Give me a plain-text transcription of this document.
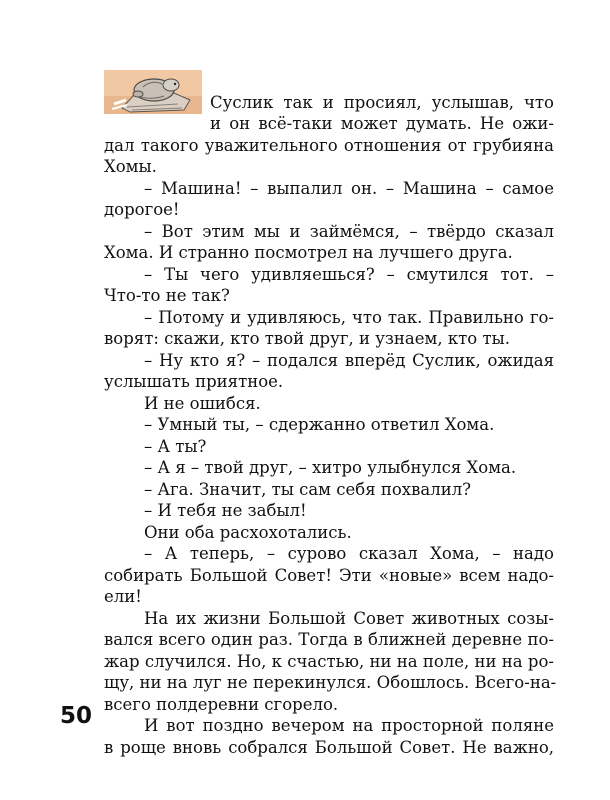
Суслик так и просиял, услышав, что
и он всё-таки может думать. Не ожи-
дал такого уважительного отношения от грубияна
Хомы.
– Машина! – выпалил он. – Машина – самое
дорогое!
– Вот этим мы и займёмся, – твёрдо сказал
Хома. И странно посмотрел на лучшего друга.
– Ты чего удивляешься? – смутился тот. –
Что-то не так?
– Потому и удивляюсь, что так. Правильно го-
ворят: скажи, кто твой друг, и узнаем, кто ты.
– Ну кто я? – подался вперёд Суслик, ожидая
услышать приятное.
И не ошибся.
– Умный ты, – сдержанно ответил Хома.
– А ты?
– А я – твой друг, – хитро улыбнулся Хома.
– Ага. Значит, ты сам себя похвалил?
– И тебя не забыл!
Они оба расхохотались.
– А теперь, – сурово сказал Хома, – надо
собирать Большой Совет! Эти «новые» всем надо-
ели!
На их жизни Большой Совет животных созы-
вался всего один раз. Тогда в ближней деревне по-
жар случился. Но, к счастью, ни на поле, ни на ро-
щу, ни на луг не перекинулся. Обошлось. Всего-на-
всего полдеревни сгорело.
И вот поздно вечером на просторной поляне
в роще вновь собрался Большой Совет. Не важно,
50
